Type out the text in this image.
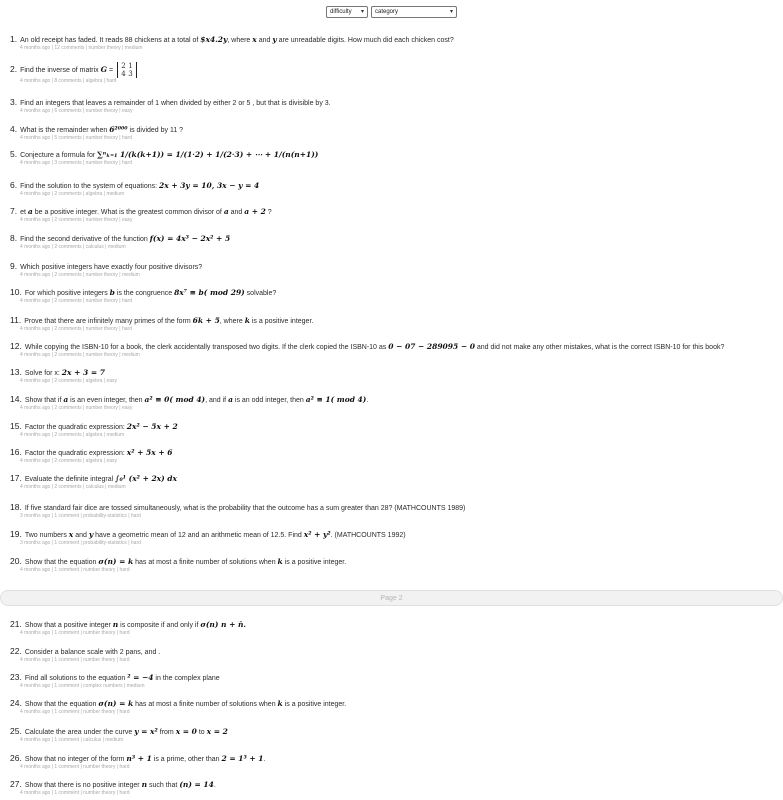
difficulty ▾ category	▾
1. An old receipt has faded. It reads 88 chickens at a total of $x4.2y, where x and y are unreadable digits. How much did each chicken cost?
4 months ago | 12 comments | number theory | medium
2. Find the inverse of matrix G =
2 1
4 3
4 months ago | 8 comments | algebra | hard
3. Find an integers that leaves a remainder of 1 when divided by either 2 or 5 , but that is divisible by 3.
4 months ago | 6 comments | number theory | easy
4. What is the remainder when 6²⁰⁰⁰ is divided by 11 ?
4 months ago | 5 comments | number theory | hard
5. Conjecture a formula for ∑ⁿₖ₌₁ 1/(k(k+1)) = 1/(1·2) + 1/(2·3) + ⋯ + 1/(n(n+1))
4 months ago | 3 comments | number theory | hard
6. Find the solution to the system of equations: 2x + 3y = 10, 3x − y = 4
4 months ago | 2 comments | algebra | medium
7. et a be a positive integer. What is the greatest common divisor of a and a + 2 ?
4 months ago | 2 comments | number theory | easy
8. Find the second derivative of the function f(x) = 4x³ − 2x² + 5
4 months ago | 2 comments | calculus | medium
9. Which positive integers have exactly four positive divisors?
4 months ago | 2 comments | number theory | medium
10. For which positive integers b is the congruence 8x⁷ ≡ b( mod 29) solvable?
4 months ago | 2 comments | number theory | hard
11. Prove that there are infinitely many primes of the form 6k + 5, where k is a positive integer.
4 months ago | 2 comments | number theory | hard
12. While copying the ISBN-10 for a book, the clerk accidentally transposed two digits. If the clerk copied the ISBN-10 as 0 − 07 − 289095 − 0 and did not make any other mistakes, what is the correct ISBN-10 for this book?
4 months ago | 2 comments | number theory | medium
13. Solve for x: 2x + 3 = 7
4 months ago | 2 comments | algebra | easy
14. Show that if a is an even integer, then a² ≡ 0( mod 4), and if a is an odd integer, then a² ≡ 1( mod 4).
4 months ago | 2 comments | number theory | easy
15. Factor the quadratic expression: 2x² − 5x + 2
4 months ago | 2 comments | algebra | medium
16. Factor the quadratic expression: x² + 5x + 6
4 months ago | 2 comments | algebra | easy
17. Evaluate the definite integral ∫₀¹ (x² + 2x) dx
4 months ago | 2 comments | calculus | medium
18. If five standard fair dice are tossed simultaneously, what is the probability that the outcome has a sum greater than 28? (MATHCOUNTS 1989)
3 months ago | 1 comment | probability-statistics | hard
19. Two numbers x and y have a geometric mean of 12 and an arithmetic mean of 12.5. Find x² + y². (MATHCOUNTS 1992)
3 months ago | 1 comment | probability-statistics | hard
20. Show that the equation σ(n) = k has at most a finite number of solutions when k is a positive integer.
4 months ago | 1 comment | number theory | hard
21. Show that a positive integer n is composite if and only if σ(n) n + n̄.
4 months ago | 1 comment | number theory | hard
22. Consider a balance scale with 2 pans, and .
4 months ago | 1 comment | number theory | hard
23. Find all solutions to the equation ² = −4 in the complex plane
4 months ago | 1 comment | complex numbers | medium
24. Show that the equation σ(n) = k has at most a finite number of solutions when k is a positive integer.
4 months ago | 1 comment | number theory | hard
25. Calculate the area under the curve y = x² from x = 0 to x = 2
4 months ago | 1 comment | calculus | medium
26. Show that no integer of the form n³ + 1 is a prime, other than 2 = 1³ + 1.
4 months ago | 1 comment | number theory | hard
27. Show that there is no positive integer n such that (n) = 14.
4 months ago | 1 comment | number theory | hard
Page 2
